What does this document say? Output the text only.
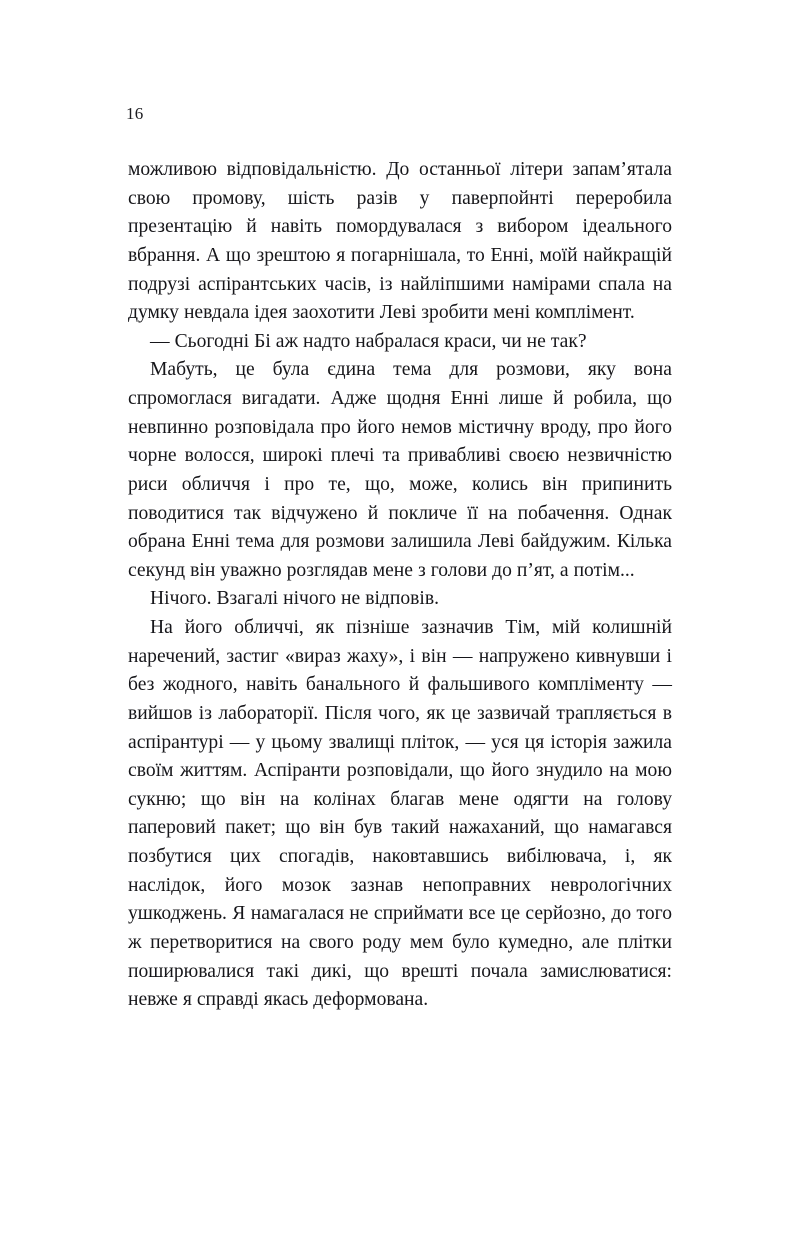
16

можливою відповідальністю. До останньої літери запам’ятала свою промову, шість разів у паверпойнті переробила презентацію й навіть помордувалася з вибором ідеального вбрання. А що зрештою я погарнішала, то Енні, моїй найкращій подрузі аспірантських часів, із найліпшими намірами спала на думку невдала ідея заохотити Леві зробити мені комплімент.

— Сьогодні Бі аж надто набралася краси, чи не так?

Мабуть, це була єдина тема для розмови, яку вона спромоглася вигадати. Адже щодня Енні лише й робила, що невпинно розповідала про його немов містичну вроду, про його чорне волосся, широкі плечі та привабливі своєю незвичністю риси обличчя і про те, що, може, колись він припинить поводитися так відчужено й покличе її на побачення. Однак обрана Енні тема для розмови залишила Леві байдужим. Кілька секунд він уважно розглядав мене з голови до п’ят, а потім...

Нічого. Взагалі нічого не відповів.

На його обличчі, як пізніше зазначив Тім, мій колишній наречений, застиг «вираз жаху», і він — напружено кивнувши і без жодного, навіть банального й фальшивого компліменту — вийшов із лабораторії. Після чого, як це зазвичай трапляється в аспірантурі — у цьому звалищі пліток, — уся ця історія зажила своїм життям. Аспіранти розповідали, що його знудило на мою сукню; що він на колінах благав мене одягти на голову паперовий пакет; що він був такий нажаханий, що намагався позбутися цих спогадів, наковтавшись вибілювача, і, як наслідок, його мозок зазнав непоправних неврологічних ушкоджень. Я намагалася не сприймати все це серйозно, до того ж перетворитися на свого роду мем було кумедно, але плітки поширювалися такі дикі, що врешті почала замислюватися: невже я справді якась деформована.
